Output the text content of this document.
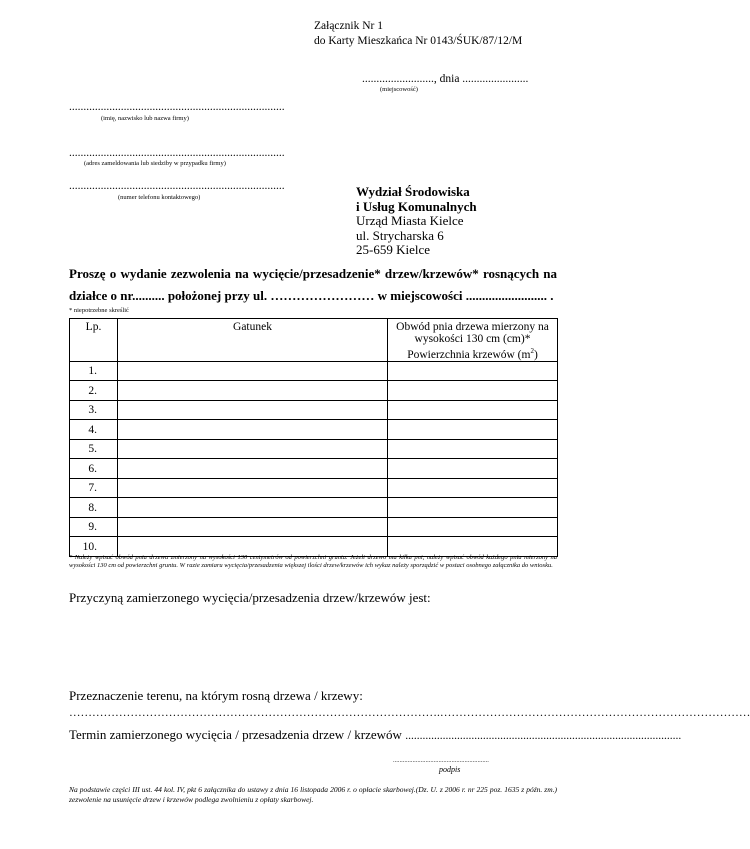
Załącznik Nr 1
do Karty Mieszkańca Nr 0143/ŚUK/87/12/M
........................., dnia .......................
(miejscowość)
...........................................................................
(imię, nazwisko lub nazwa firmy)
...........................................................................
(adres zameldowania lub siedziby w przypadku firmy)
...........................................................................
(numer telefonu kontaktowego)	Wydział Środowiska
i Usług Komunalnych
Urząd Miasta Kielce
ul. Strycharska 6
25-659 Kielce
Proszę o wydanie zezwolenia na wycięcie/przesadzenie* drzew/krzewów* rosnących na
działce o nr.......... położonej przy ul. …………………… w miejscowości ......................... .
* niepotrzebne skreślić
Lp.	Gatunek	Obwód pnia drzewa mierzony na
wysokości 130 cm (cm)*
Powierzchnia krzewów $(m^2)$

1.		
2.		
3.		
4.		
5.		
6.		
7.		
8.		
9.		
10.		
* Należy wpisać obwód pnia drzewa zmierzony na wysokości 130 centymetrów od powierzchni gruntu. Jeżeli drzewo ma kilka pni, należy wpisać obwód każdego pnia mierzony na wysokości 130 cm od powierzchni gruntu. W razie zamiaru wycięcia/przesadzenia większej ilości drzew/krzewów ich wykaz należy sporządzić w postaci osobnego załącznika do wniosku.
Przyczyną zamierzonego wycięcia/przesadzenia drzew/krzewów jest:
Przeznaczenie terenu, na którym rosną drzewa / krzewy:
…………………………………………………………………………………….………………………………………………………………………
Termin zamierzonego wycięcia / przesadzenia drzew / krzewów ................................................................................................
...........................................................
podpis
Na podstawie części III ust. 44 kol. IV, pkt 6 załącznika do ustawy z dnia 16 listopada 2006 r. o opłacie skarbowej.(Dz. U. z 2006 r. nr 225 poz. 1635 z późn. zm.) zezwolenie na usunięcie drzew i krzewów podlega zwolnieniu z opłaty skarbowej.
